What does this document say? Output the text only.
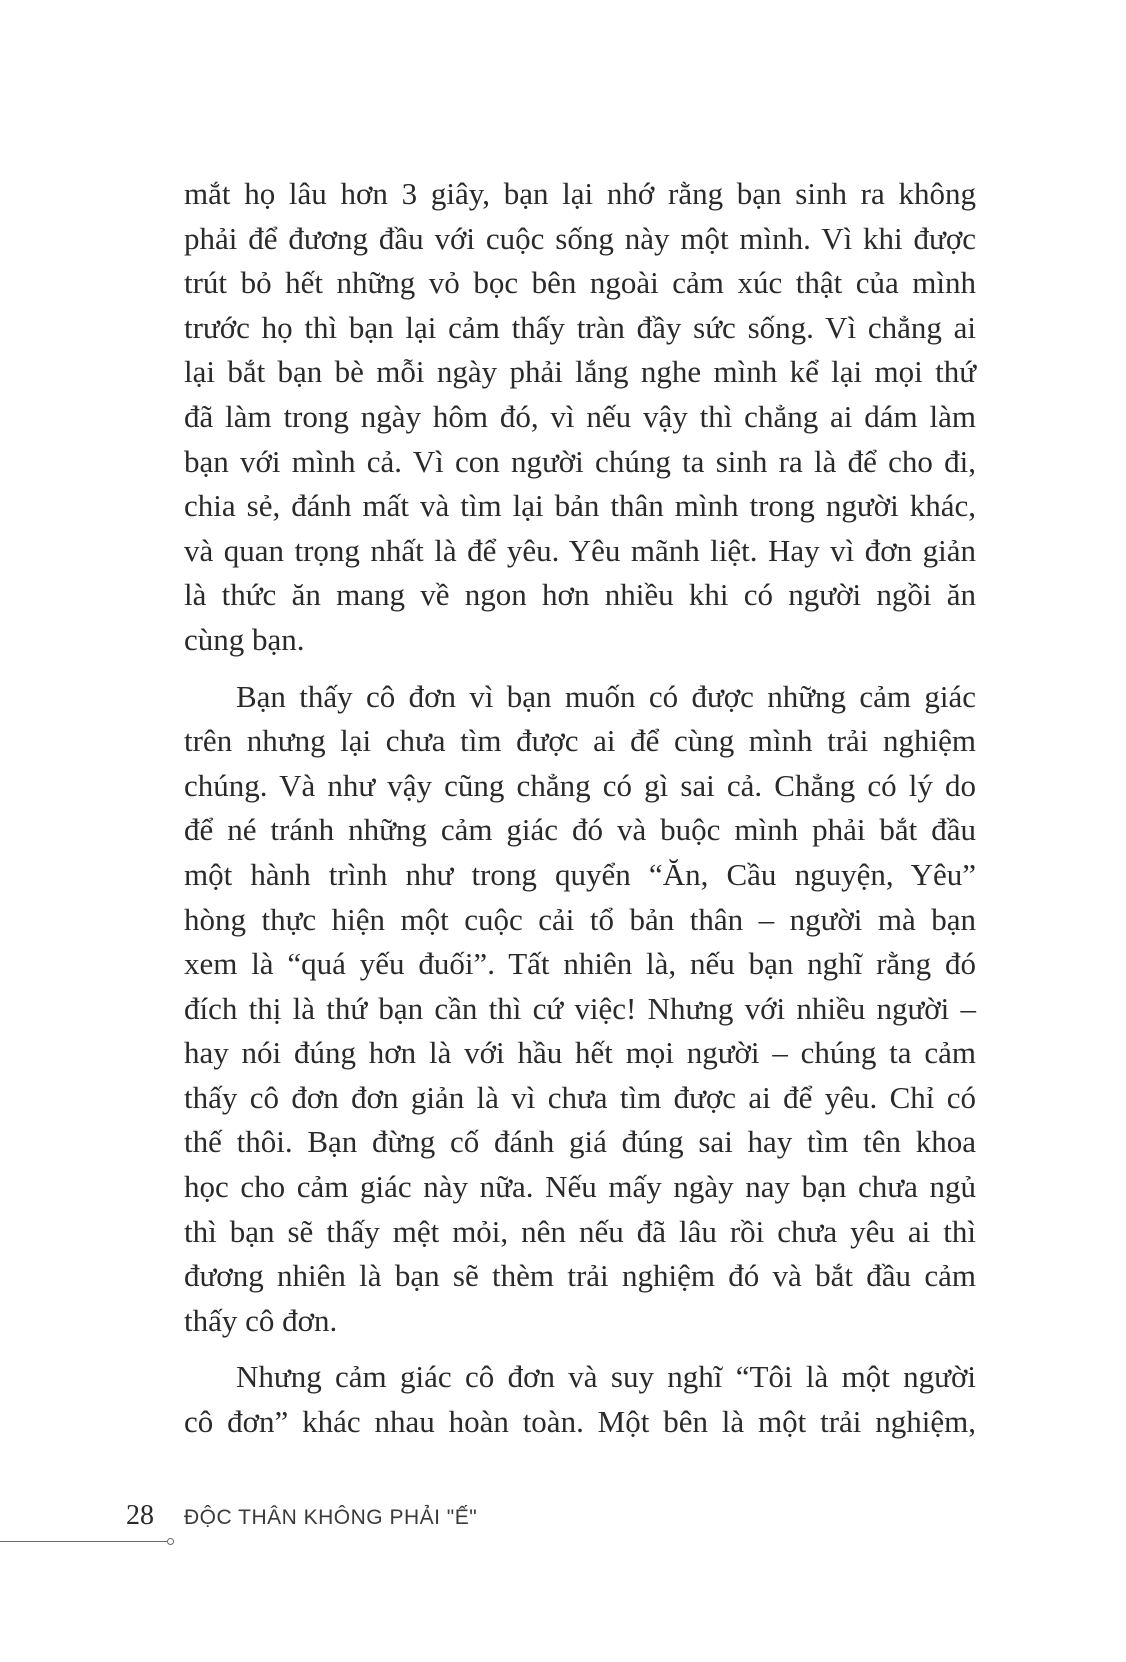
mắt họ lâu hơn 3 giây, bạn lại nhớ rằng bạn sinh ra không
phải để đương đầu với cuộc sống này một mình. Vì khi được
trút bỏ hết những vỏ bọc bên ngoài cảm xúc thật của mình
trước họ thì bạn lại cảm thấy tràn đầy sức sống. Vì chẳng ai
lại bắt bạn bè mỗi ngày phải lắng nghe mình kể lại mọi thứ
đã làm trong ngày hôm đó, vì nếu vậy thì chẳng ai dám làm
bạn với mình cả. Vì con người chúng ta sinh ra là để cho đi,
chia sẻ, đánh mất và tìm lại bản thân mình trong người khác,
và quan trọng nhất là để yêu. Yêu mãnh liệt. Hay vì đơn giản
là thức ăn mang về ngon hơn nhiều khi có người ngồi ăn
cùng bạn.
Bạn thấy cô đơn vì bạn muốn có được những cảm giác
trên nhưng lại chưa tìm được ai để cùng mình trải nghiệm
chúng. Và như vậy cũng chẳng có gì sai cả. Chẳng có lý do
để né tránh những cảm giác đó và buộc mình phải bắt đầu
một hành trình như trong quyển “Ăn, Cầu nguyện, Yêu”
hòng thực hiện một cuộc cải tổ bản thân – người mà bạn
xem là “quá yếu đuối”. Tất nhiên là, nếu bạn nghĩ rằng đó
đích thị là thứ bạn cần thì cứ việc! Nhưng với nhiều người –
hay nói đúng hơn là với hầu hết mọi người – chúng ta cảm
thấy cô đơn đơn giản là vì chưa tìm được ai để yêu. Chỉ có
thế thôi. Bạn đừng cố đánh giá đúng sai hay tìm tên khoa
học cho cảm giác này nữa. Nếu mấy ngày nay bạn chưa ngủ
thì bạn sẽ thấy mệt mỏi, nên nếu đã lâu rồi chưa yêu ai thì
đương nhiên là bạn sẽ thèm trải nghiệm đó và bắt đầu cảm
thấy cô đơn.
Nhưng cảm giác cô đơn và suy nghĩ “Tôi là một người
cô đơn” khác nhau hoàn toàn. Một bên là một trải nghiệm,
28 ĐỘC THÂN KHÔNG PHẢI "Ế"
